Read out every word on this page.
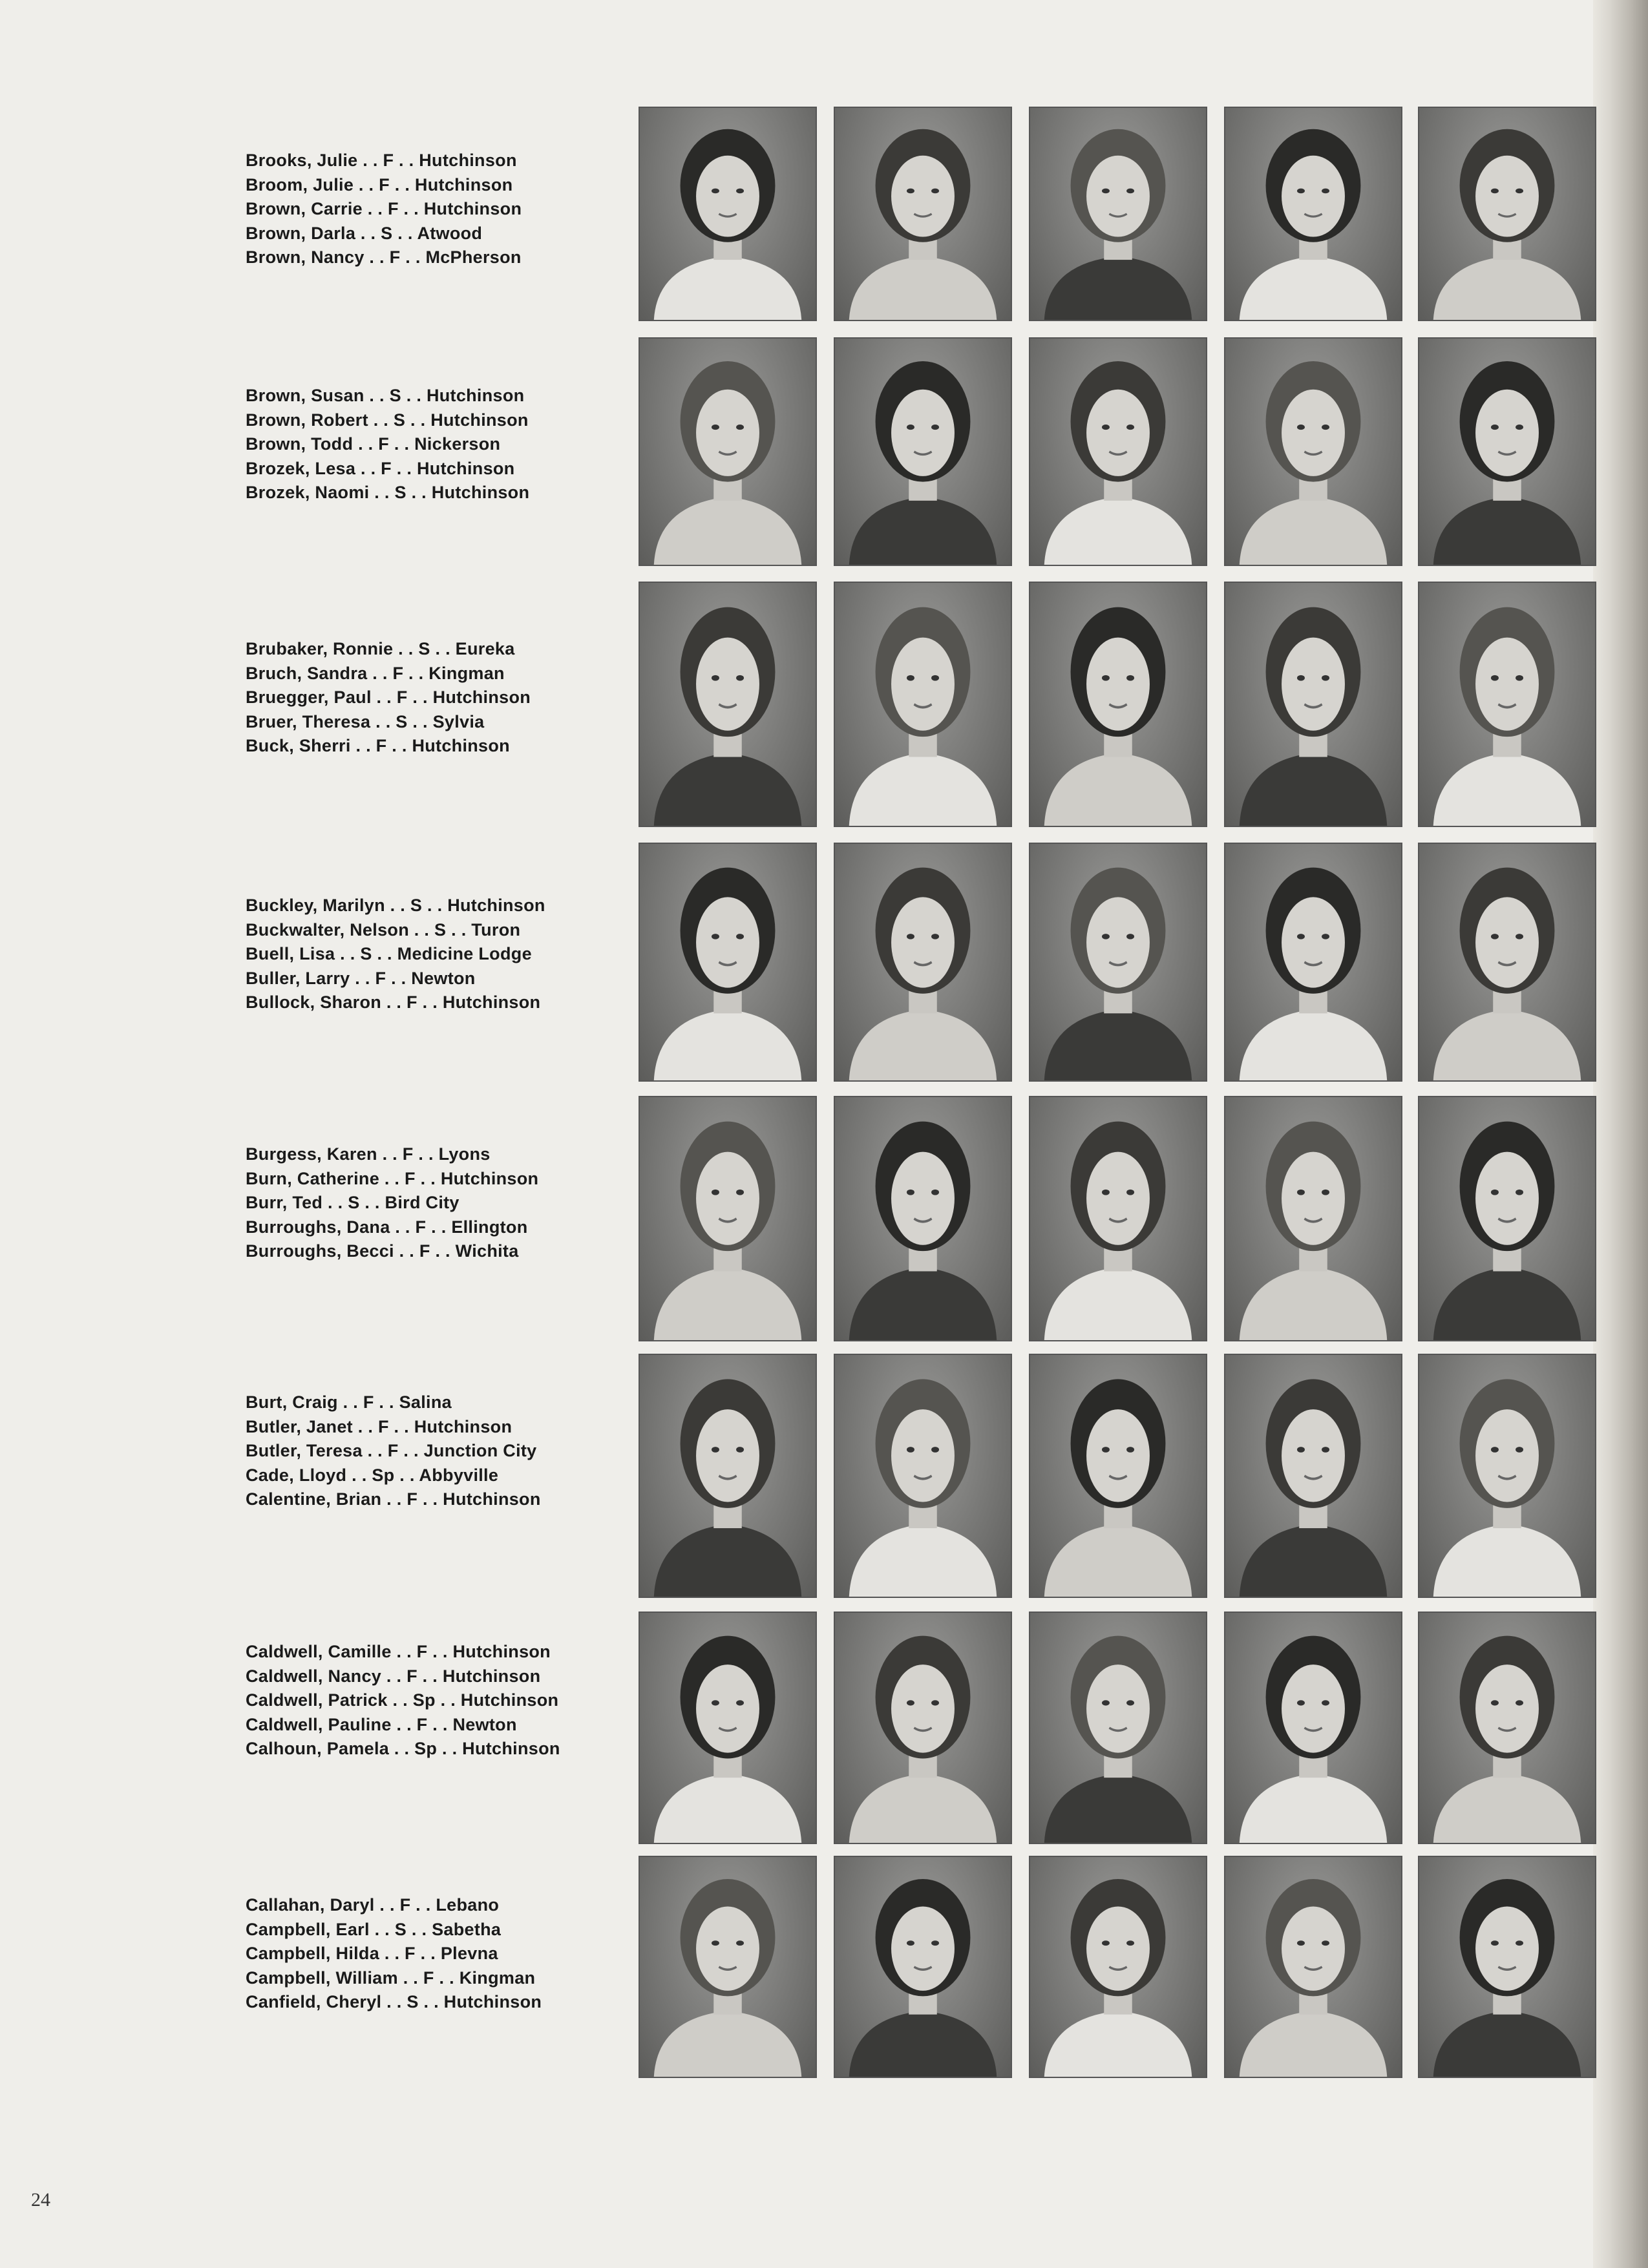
Brooks, Julie . . F . . Hutchinson
Broom, Julie . . F . . Hutchinson
Brown, Carrie . . F . . Hutchinson
Brown, Darla . . S . . Atwood
Brown, Nancy . . F . . McPherson
Brown, Susan . . S . . Hutchinson
Brown, Robert . . S . . Hutchinson
Brown, Todd . . F . . Nickerson
Brozek, Lesa . . F . . Hutchinson
Brozek, Naomi . . S . . Hutchinson
Brubaker, Ronnie . . S . . Eureka
Bruch, Sandra . . F . . Kingman
Bruegger, Paul . . F . . Hutchinson
Bruer, Theresa . . S . . Sylvia
Buck, Sherri . . F . . Hutchinson
Buckley, Marilyn . . S . . Hutchinson
Buckwalter, Nelson . . S . . Turon
Buell, Lisa . . S . . Medicine Lodge
Buller, Larry . . F . . Newton
Bullock, Sharon . . F . . Hutchinson
Burgess, Karen . . F . . Lyons
Burn, Catherine . . F . . Hutchinson
Burr, Ted . . S . . Bird City
Burroughs, Dana . . F . . Ellington
Burroughs, Becci . . F . . Wichita
Burt, Craig . . F . . Salina
Butler, Janet . . F . . Hutchinson
Butler, Teresa . . F . . Junction City
Cade, Lloyd . . Sp . . Abbyville
Calentine, Brian . . F . . Hutchinson
Caldwell, Camille . . F . . Hutchinson
Caldwell, Nancy . . F . . Hutchinson
Caldwell, Patrick . . Sp . . Hutchinson
Caldwell, Pauline . . F . . Newton
Calhoun, Pamela . . Sp . . Hutchinson
Callahan, Daryl . . F . . Lebano
Campbell, Earl . . S . . Sabetha
Campbell, Hilda . . F . . Plevna
Campbell, William . . F . . Kingman
Canfield, Cheryl . . S . . Hutchinson
24
